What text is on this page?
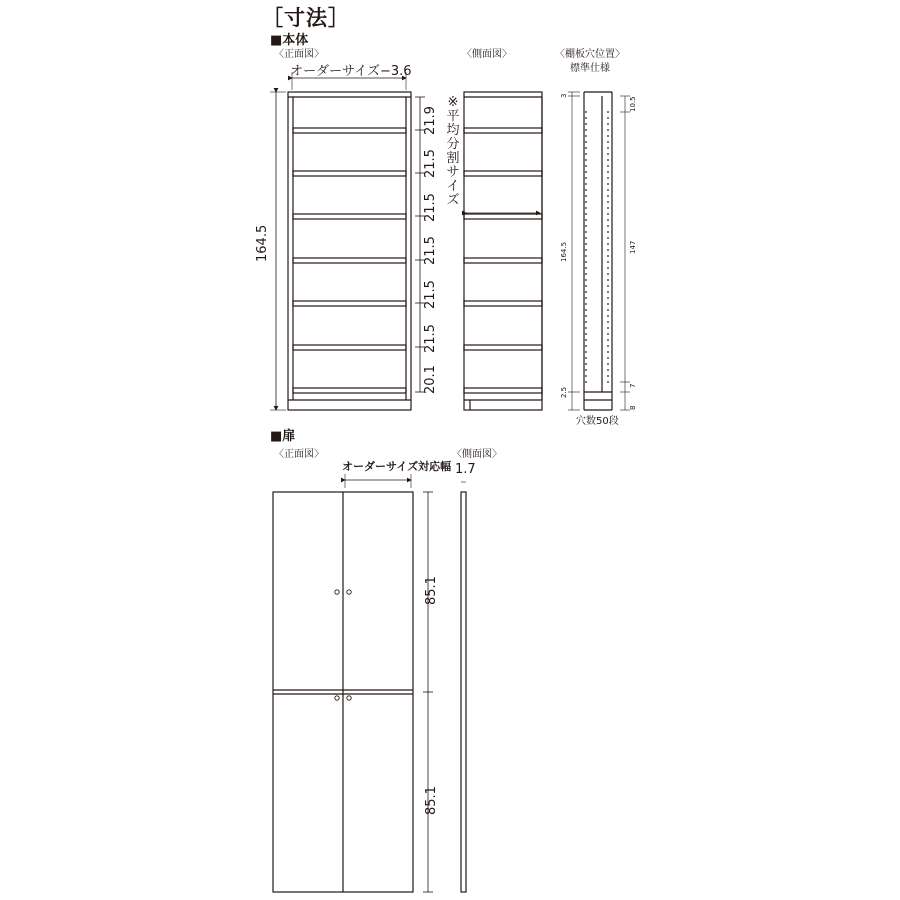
［寸法］
■本体
〈正面図〉	〈側面図〉	〈棚板穴位置〉
標準仕様
オーダーサイズ−3.6
164.5
21.9
21.5
21.5
21.5
21.5
21.5
20.1
※平均分割サイズ
3
10.5
164.5	147
7
2.5
8
穴数50段
■扉
〈正面図〉	〈側面図〉
オーダーサイズ対応幅 1.7
85.1
85.1
